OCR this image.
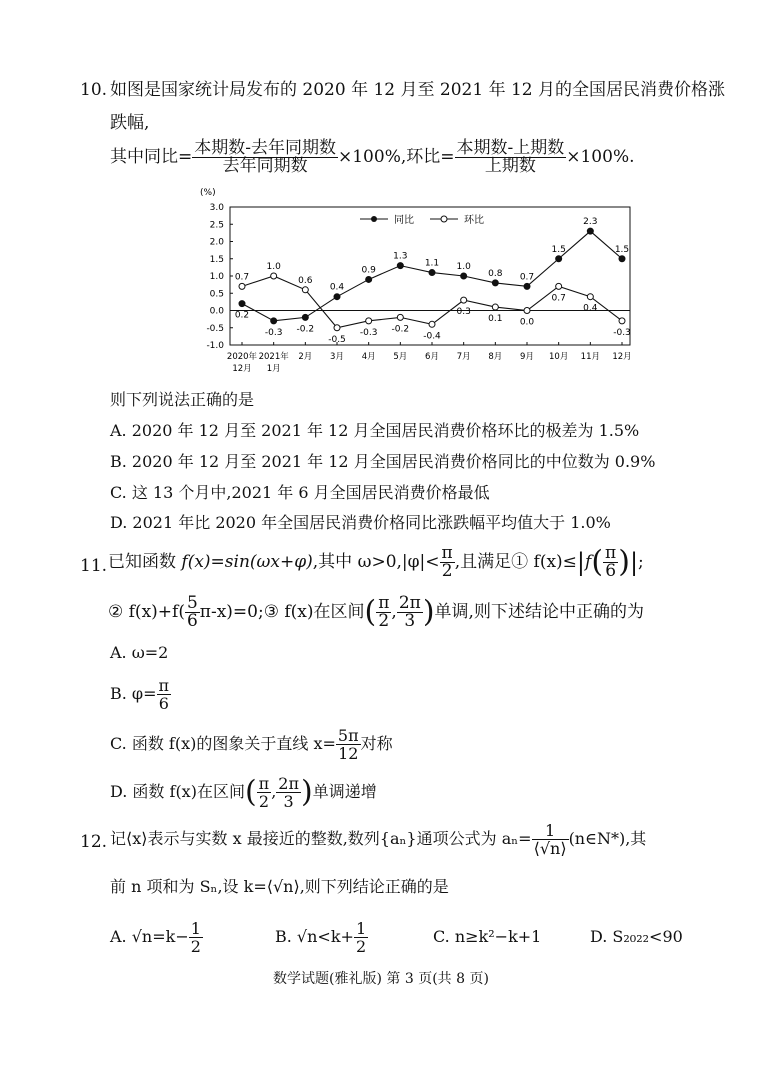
10. 如图是国家统计局发布的 2020 年 12 月至 2021 年 12 月的全国居民消费价格涨
跌幅,
其中同比= $\frac{\text{本期数-去年同期数}}{\text{去年同期数}} \times 100\%$,环比= $\frac{\text{本期数-上期数}}{\text{上期数}} \times 100\%$.
(%)
3.0
2.5
2.0
1.5
1.0
0.5
0.0
-0.5
-1.0
2020年
12月
2021年
1月
2月 3月 4月 5月 6月 7月 8月 9月 10月 11月 12月
同比	环比
0.2
-0.3 -0.2
0.4
0.9
1.3
1.1 1.0
0.8 0.7
1.5
2.3
1.5
0.7
1.0
0.6
-0.5
-0.3 -0.2
-0.4
0.3
0.1 0.0
0.7
0.4
-0.3
则下列说法正确的是
A. 2020 年 12 月至 2021 年 12 月全国居民消费价格环比的极差为 1.5%
B. 2020 年 12 月至 2021 年 12 月全国居民消费价格同比的中位数为 0.9%
C. 这 13 个月中,2021 年 6 月全国居民消费价格最低
D. 2021 年比 2020 年全国居民消费价格同比涨跌幅平均值大于 1.0%
11. 已知函数 f(x)=sin(ωx+φ),其中 $\omega>0,|\varphi|< \frac{\pi}{2}$ ,且满足① $f(x)\le|f( \frac{\pi}{6}$ )|;
② $f(x)+f( \frac{5}{6}$ π-x)=0;③ f(x)在区间( $\frac{\pi}{2}$ , $\frac{2\pi}{3}$ )单调,则下述结论中正确的为
A. ω=2
B. $\varphi= \frac{\pi}{6}$
C. 函数 f(x)的图象关于直线 $x= \frac{5\pi}{12}$ 对称
D. 函数 f(x)在区间( $\frac{\pi}{2}$ , $\frac{2\pi}{3}$ )单调递增
12. 记⟨x⟩表示与实数 x 最接近的整数,数列{aₙ}通项公式为 $a_n= \frac{1}{⟨√n⟩}$ (n∈N*),其
前 n 项和为 Sₙ,设 k=⟨√n⟩,则下列结论正确的是
A. $√n=k- \frac{1}{2}$	B. $√n<k+ \frac{1}{2}$	C. n≥k²−k+1	D. S₂₀₂₂<90
数学试题(雅礼版) 第 3 页(共 8 页)
